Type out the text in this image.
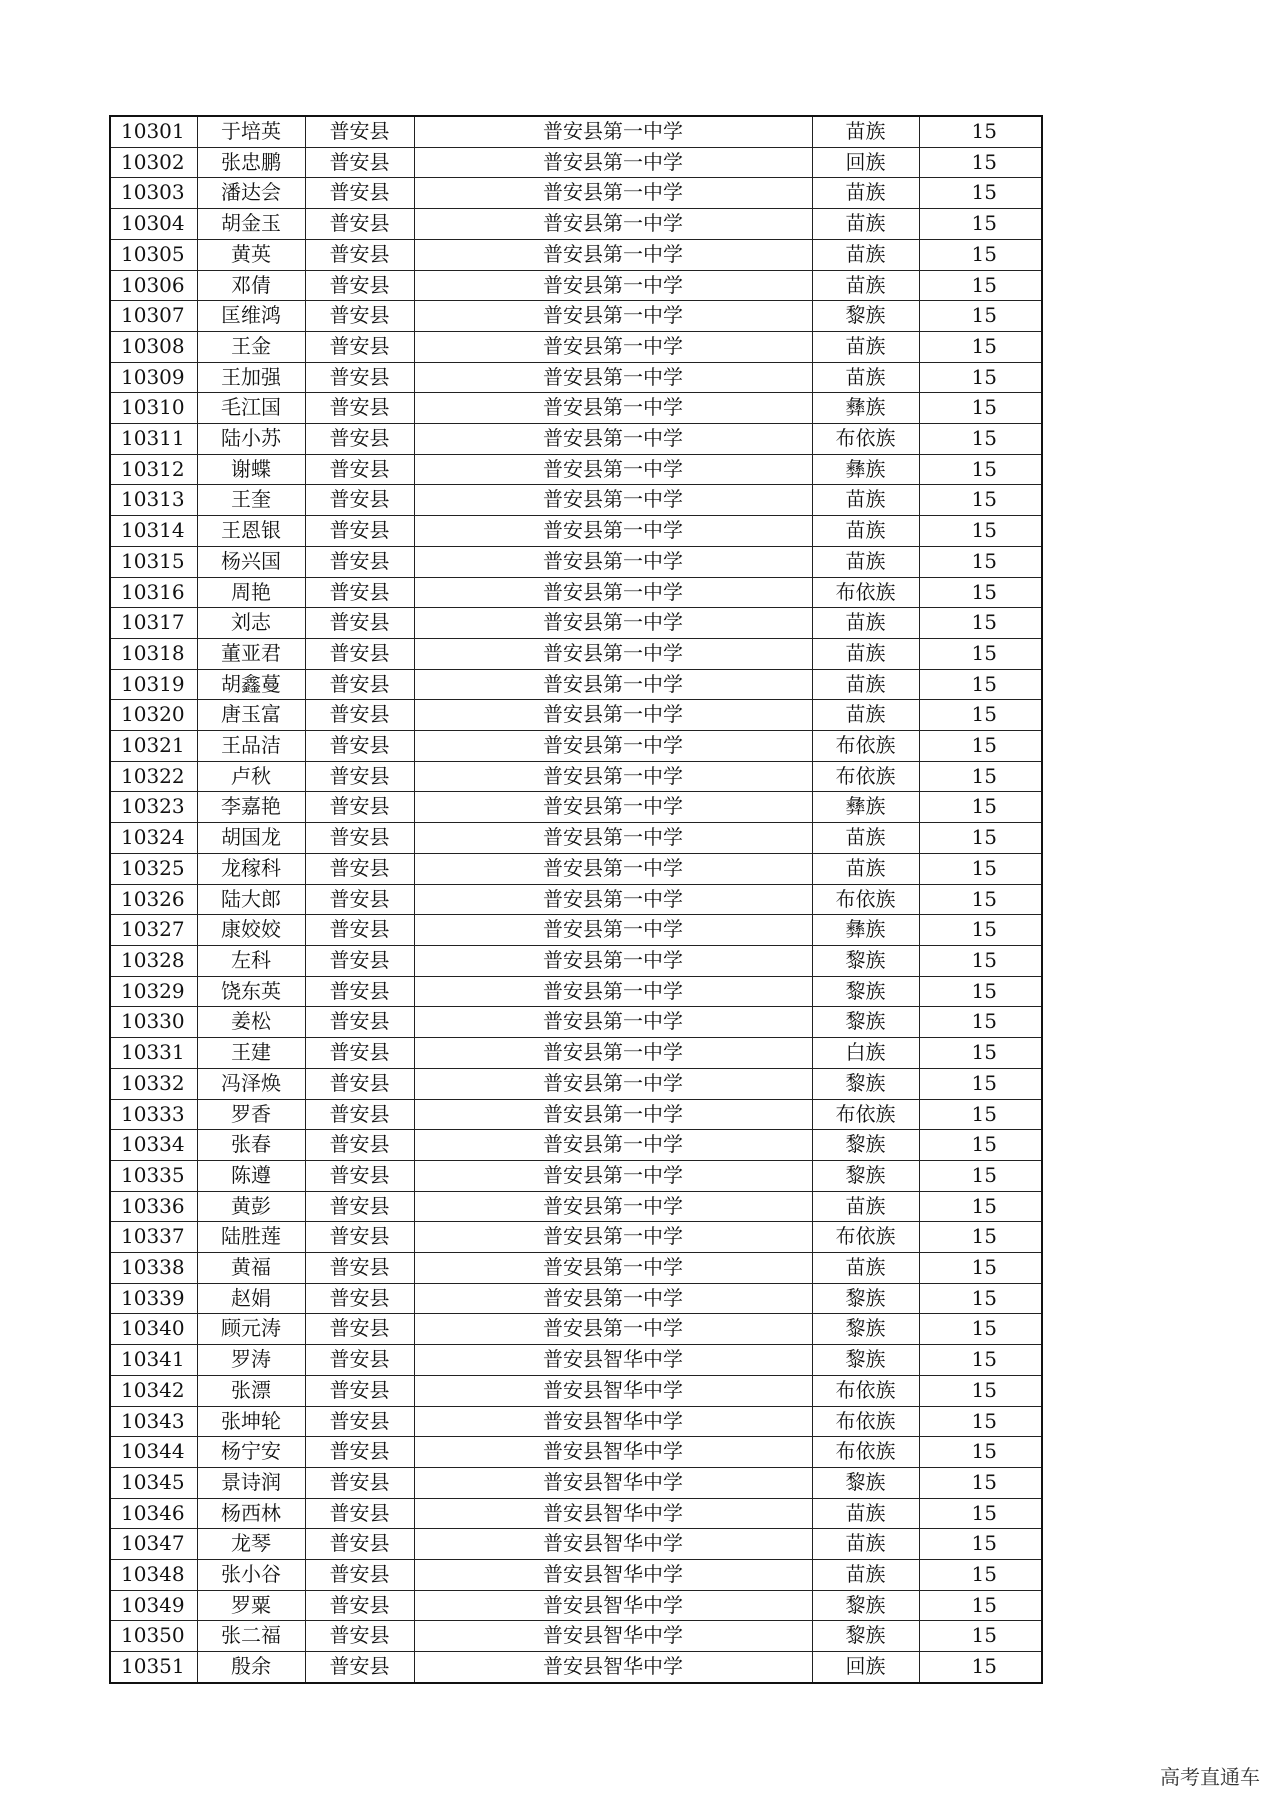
10301	于培英	普安县	普安县第一中学	苗族	15
10302	张忠鹏	普安县	普安县第一中学	回族	15
10303	潘达会	普安县	普安县第一中学	苗族	15
10304	胡金玉	普安县	普安县第一中学	苗族	15
10305	黄英	普安县	普安县第一中学	苗族	15
10306	邓倩	普安县	普安县第一中学	苗族	15
10307	匡维鸿	普安县	普安县第一中学	黎族	15
10308	王金	普安县	普安县第一中学	苗族	15
10309	王加强	普安县	普安县第一中学	苗族	15
10310	毛江国	普安县	普安县第一中学	彝族	15
10311	陆小苏	普安县	普安县第一中学	布依族	15
10312	谢蝶	普安县	普安县第一中学	彝族	15
10313	王奎	普安县	普安县第一中学	苗族	15
10314	王恩银	普安县	普安县第一中学	苗族	15
10315	杨兴国	普安县	普安县第一中学	苗族	15
10316	周艳	普安县	普安县第一中学	布依族	15
10317	刘志	普安县	普安县第一中学	苗族	15
10318	董亚君	普安县	普安县第一中学	苗族	15
10319	胡鑫蔓	普安县	普安县第一中学	苗族	15
10320	唐玉富	普安县	普安县第一中学	苗族	15
10321	王品洁	普安县	普安县第一中学	布依族	15
10322	卢秋	普安县	普安县第一中学	布依族	15
10323	李嘉艳	普安县	普安县第一中学	彝族	15
10324	胡国龙	普安县	普安县第一中学	苗族	15
10325	龙稼科	普安县	普安县第一中学	苗族	15
10326	陆大郎	普安县	普安县第一中学	布依族	15
10327	康姣姣	普安县	普安县第一中学	彝族	15
10328	左科	普安县	普安县第一中学	黎族	15
10329	饶东英	普安县	普安县第一中学	黎族	15
10330	姜松	普安县	普安县第一中学	黎族	15
10331	王建	普安县	普安县第一中学	白族	15
10332	冯泽焕	普安县	普安县第一中学	黎族	15
10333	罗香	普安县	普安县第一中学	布依族	15
10334	张春	普安县	普安县第一中学	黎族	15
10335	陈遵	普安县	普安县第一中学	黎族	15
10336	黄彭	普安县	普安县第一中学	苗族	15
10337	陆胜莲	普安县	普安县第一中学	布依族	15
10338	黄福	普安县	普安县第一中学	苗族	15
10339	赵娟	普安县	普安县第一中学	黎族	15
10340	顾元涛	普安县	普安县第一中学	黎族	15
10341	罗涛	普安县	普安县智华中学	黎族	15
10342	张漂	普安县	普安县智华中学	布依族	15
10343	张坤轮	普安县	普安县智华中学	布依族	15
10344	杨宁安	普安县	普安县智华中学	布依族	15
10345	景诗润	普安县	普安县智华中学	黎族	15
10346	杨西林	普安县	普安县智华中学	苗族	15
10347	龙琴	普安县	普安县智华中学	苗族	15
10348	张小谷	普安县	普安县智华中学	苗族	15
10349	罗粟	普安县	普安县智华中学	黎族	15
10350	张二福	普安县	普安县智华中学	黎族	15
10351	殷余	普安县	普安县智华中学	回族	15
高考直通车
